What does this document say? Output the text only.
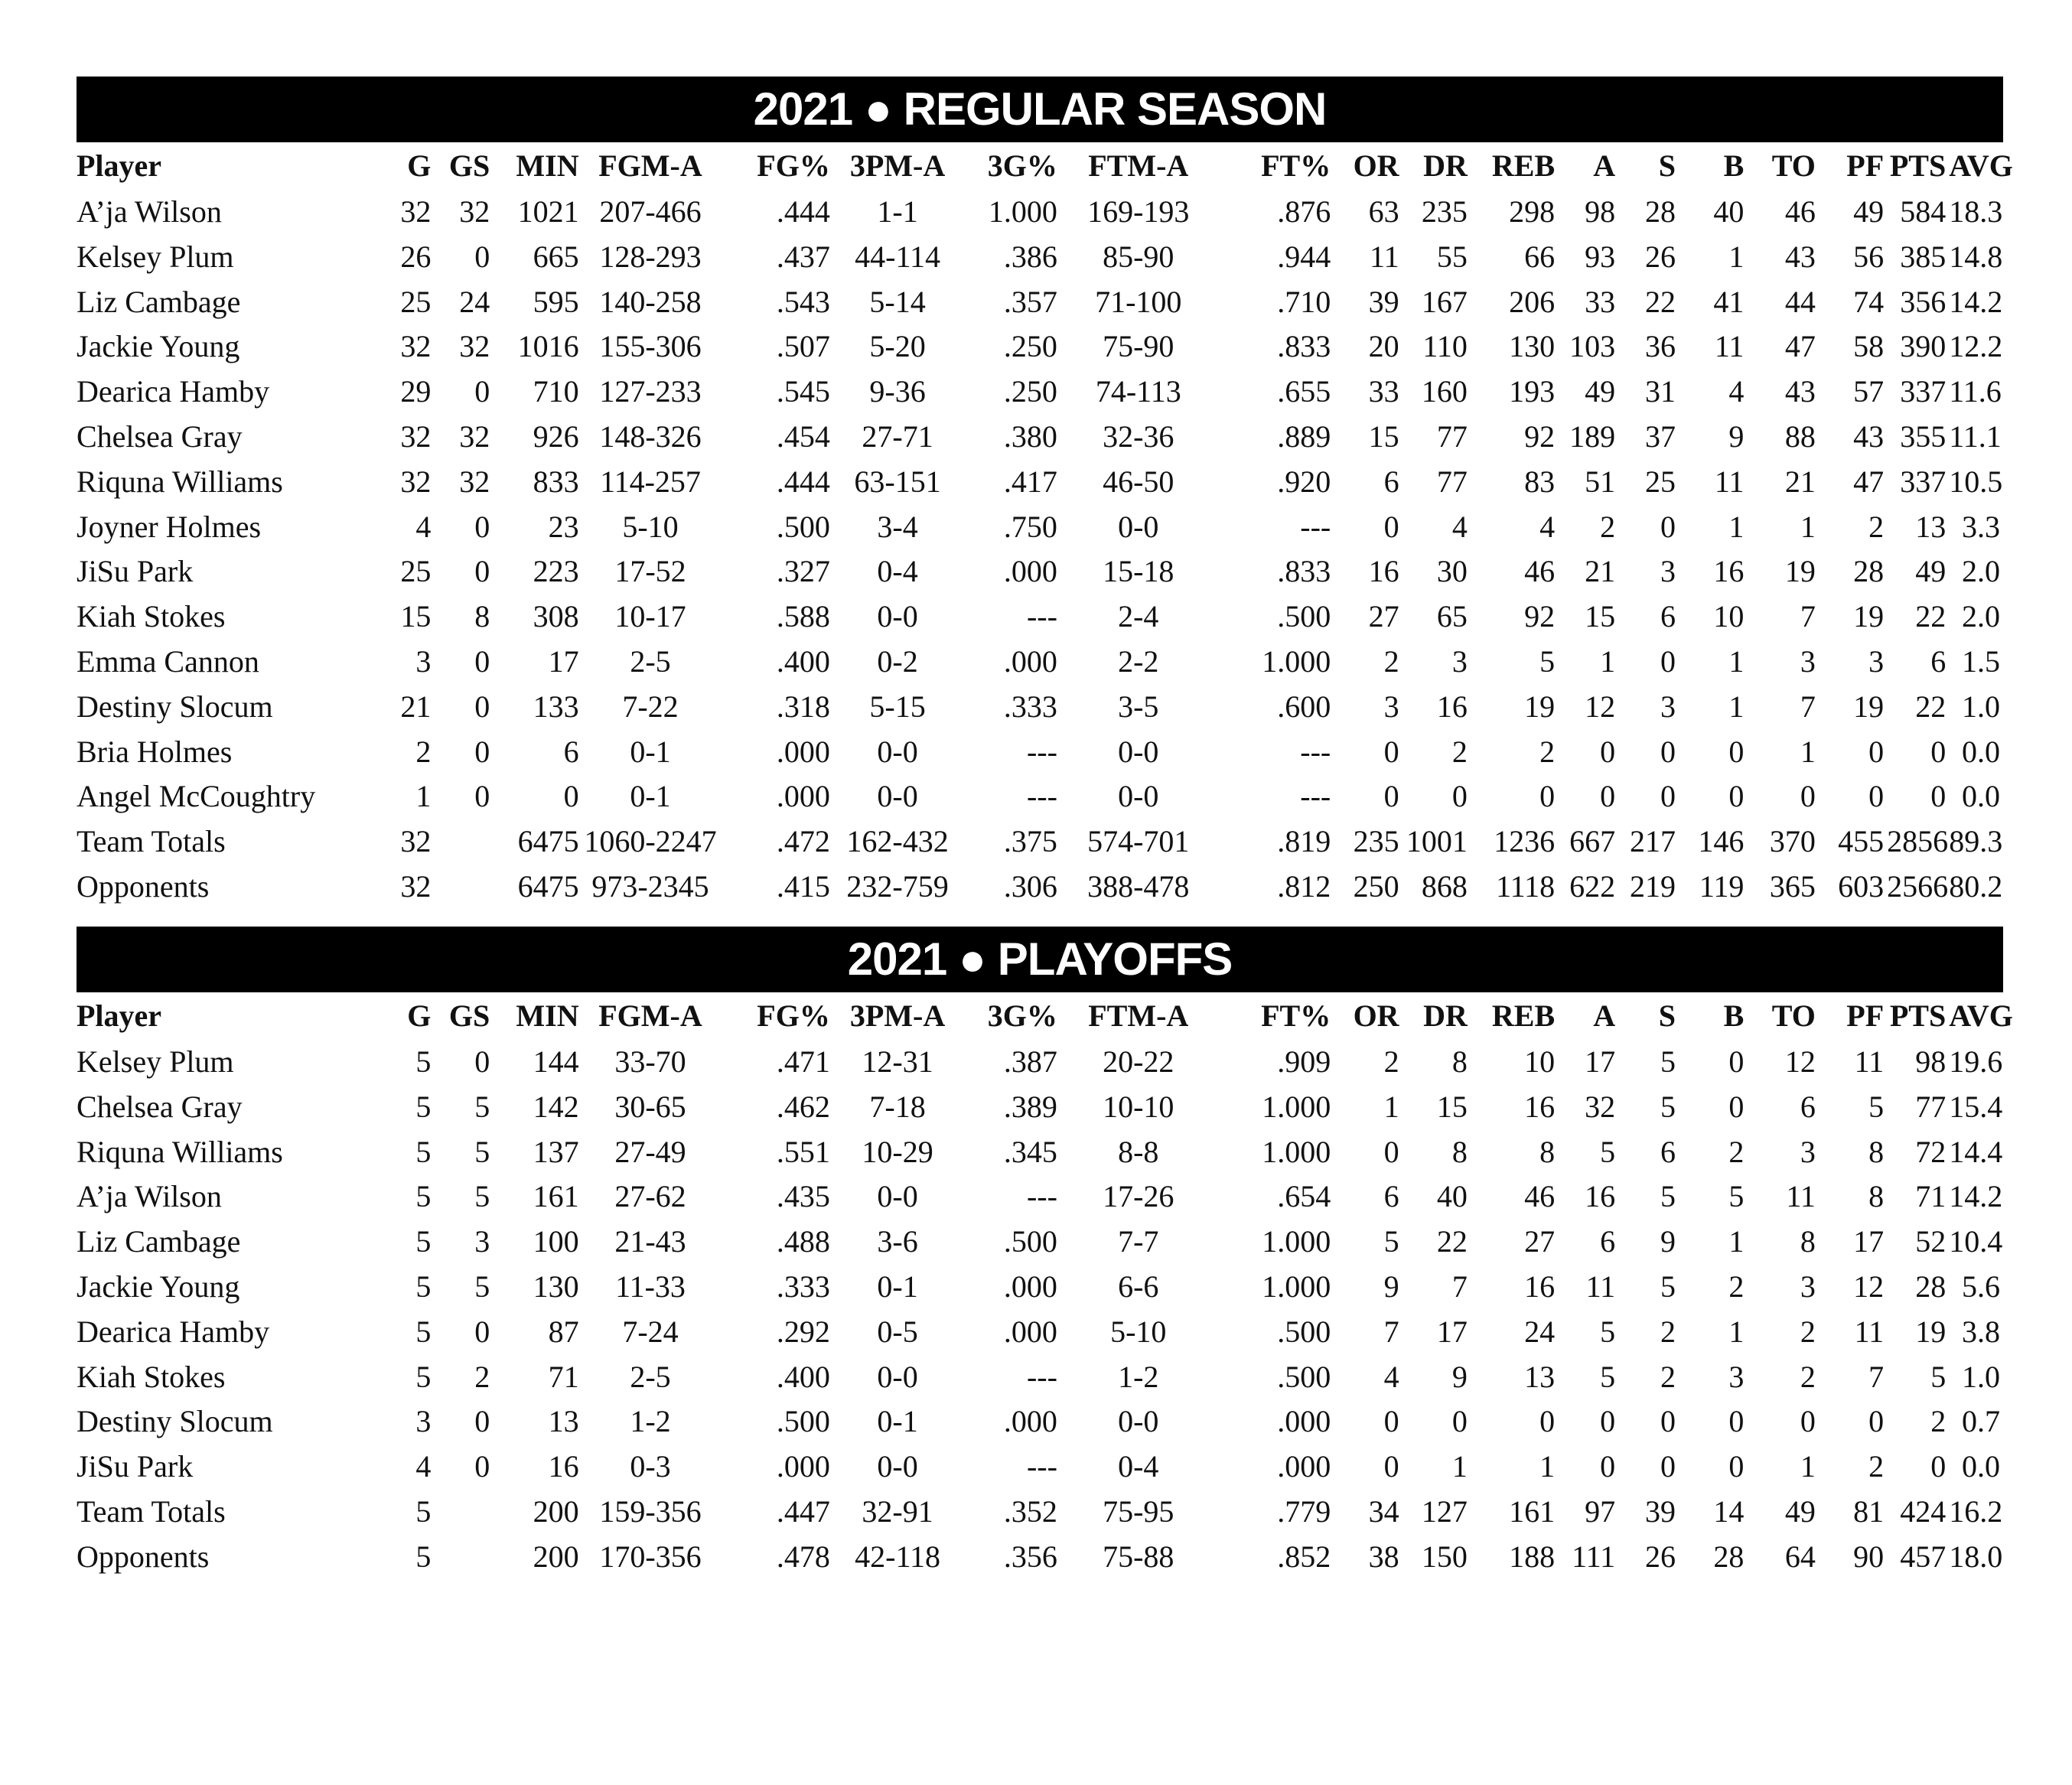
2021 ● REGULAR SEASON
Player	G	GS	MIN	FGM-A	FG%	3PM-A	3G%	FTM-A	FT%	OR	DR	REB	A	S	B	TO	PF	PTS	AVG
A’ja Wilson	32	32	1021	207-466	.444	1-1	1.000	169-193	.876	63	235	298	98	28	40	46	49	584	18.3
Kelsey Plum	26	0	665	128-293	.437	44-114	.386	85-90	.944	11	55	66	93	26	1	43	56	385	14.8
Liz Cambage	25	24	595	140-258	.543	5-14	.357	71-100	.710	39	167	206	33	22	41	44	74	356	14.2
Jackie Young	32	32	1016	155-306	.507	5-20	.250	75-90	.833	20	110	130	103	36	11	47	58	390	12.2
Dearica Hamby	29	0	710	127-233	.545	9-36	.250	74-113	.655	33	160	193	49	31	4	43	57	337	11.6
Chelsea Gray	32	32	926	148-326	.454	27-71	.380	32-36	.889	15	77	92	189	37	9	88	43	355	11.1
Riquna Williams	32	32	833	114-257	.444	63-151	.417	46-50	.920	6	77	83	51	25	11	21	47	337	10.5
Joyner Holmes	4	0	23	5-10	.500	3-4	.750	0-0	---	0	4	4	2	0	1	1	2	13	3.3
JiSu Park	25	0	223	17-52	.327	0-4	.000	15-18	.833	16	30	46	21	3	16	19	28	49	2.0
Kiah Stokes	15	8	308	10-17	.588	0-0	---	2-4	.500	27	65	92	15	6	10	7	19	22	2.0
Emma Cannon	3	0	17	2-5	.400	0-2	.000	2-2	1.000	2	3	5	1	0	1	3	3	6	1.5
Destiny Slocum	21	0	133	7-22	.318	5-15	.333	3-5	.600	3	16	19	12	3	1	7	19	22	1.0
Bria Holmes	2	0	6	0-1	.000	0-0	---	0-0	---	0	2	2	0	0	0	1	0	0	0.0
Angel McCoughtry	1	0	0	0-1	.000	0-0	---	0-0	---	0	0	0	0	0	0	0	0	0	0.0
Team Totals	32		6475	1060-2247	.472	162-432	.375	574-701	.819	235	1001	1236	667	217	146	370	455	2856	89.3
Opponents	32		6475	973-2345	.415	232-759	.306	388-478	.812	250	868	1118	622	219	119	365	603	2566	80.2
2021 ● PLAYOFFS
Player	G	GS	MIN	FGM-A	FG%	3PM-A	3G%	FTM-A	FT%	OR	DR	REB	A	S	B	TO	PF	PTS	AVG
Kelsey Plum	5	0	144	33-70	.471	12-31	.387	20-22	.909	2	8	10	17	5	0	12	11	98	19.6
Chelsea Gray	5	5	142	30-65	.462	7-18	.389	10-10	1.000	1	15	16	32	5	0	6	5	77	15.4
Riquna Williams	5	5	137	27-49	.551	10-29	.345	8-8	1.000	0	8	8	5	6	2	3	8	72	14.4
A’ja Wilson	5	5	161	27-62	.435	0-0	---	17-26	.654	6	40	46	16	5	5	11	8	71	14.2
Liz Cambage	5	3	100	21-43	.488	3-6	.500	7-7	1.000	5	22	27	6	9	1	8	17	52	10.4
Jackie Young	5	5	130	11-33	.333	0-1	.000	6-6	1.000	9	7	16	11	5	2	3	12	28	5.6
Dearica Hamby	5	0	87	7-24	.292	0-5	.000	5-10	.500	7	17	24	5	2	1	2	11	19	3.8
Kiah Stokes	5	2	71	2-5	.400	0-0	---	1-2	.500	4	9	13	5	2	3	2	7	5	1.0
Destiny Slocum	3	0	13	1-2	.500	0-1	.000	0-0	.000	0	0	0	0	0	0	0	0	2	0.7
JiSu Park	4	0	16	0-3	.000	0-0	---	0-4	.000	0	1	1	0	0	0	1	2	0	0.0
Team Totals	5		200	159-356	.447	32-91	.352	75-95	.779	34	127	161	97	39	14	49	81	424	16.2
Opponents	5		200	170-356	.478	42-118	.356	75-88	.852	38	150	188	111	26	28	64	90	457	18.0
